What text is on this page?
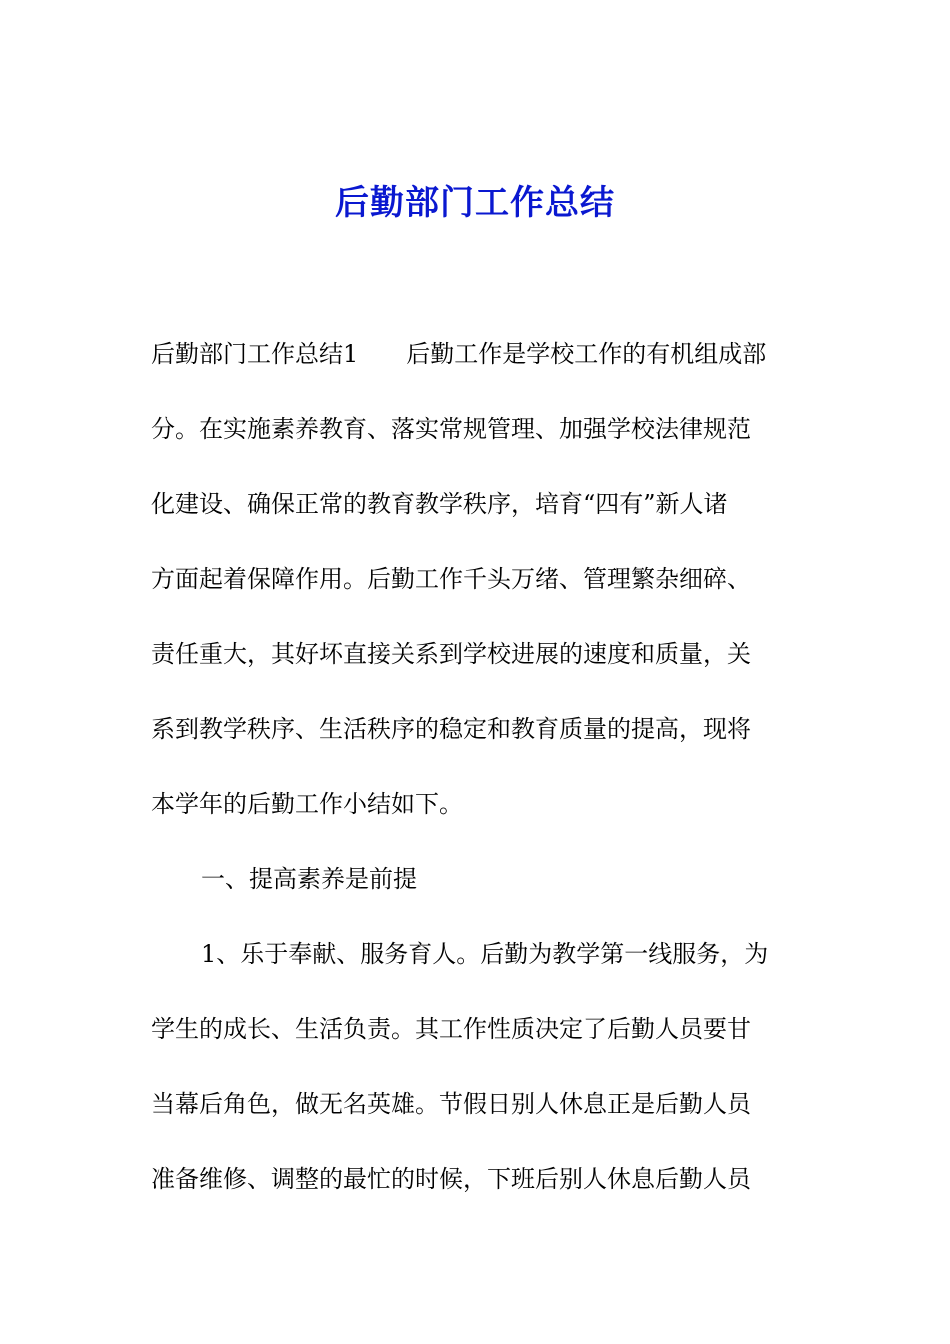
后勤部门工作总结

后勤部门工作总结1 后勤工作是学校工作的有机组成部

分。在实施素养教育、落实常规管理、加强学校法律规范

化建设、确保正常的教育教学秩序，培育“四有”新人诸

方面起着保障作用。后勤工作千头万绪、管理繁杂细碎、

责任重大，其好坏直接关系到学校进展的速度和质量，关

系到教学秩序、生活秩序的稳定和教育质量的提高，现将

本学年的后勤工作小结如下。

一、提高素养是前提

1、乐于奉献、服务育人。后勤为教学第一线服务，为

学生的成长、生活负责。其工作性质决定了后勤人员要甘

当幕后角色，做无名英雄。节假日别人休息正是后勤人员

准备维修、调整的最忙的时候，下班后别人休息后勤人员
